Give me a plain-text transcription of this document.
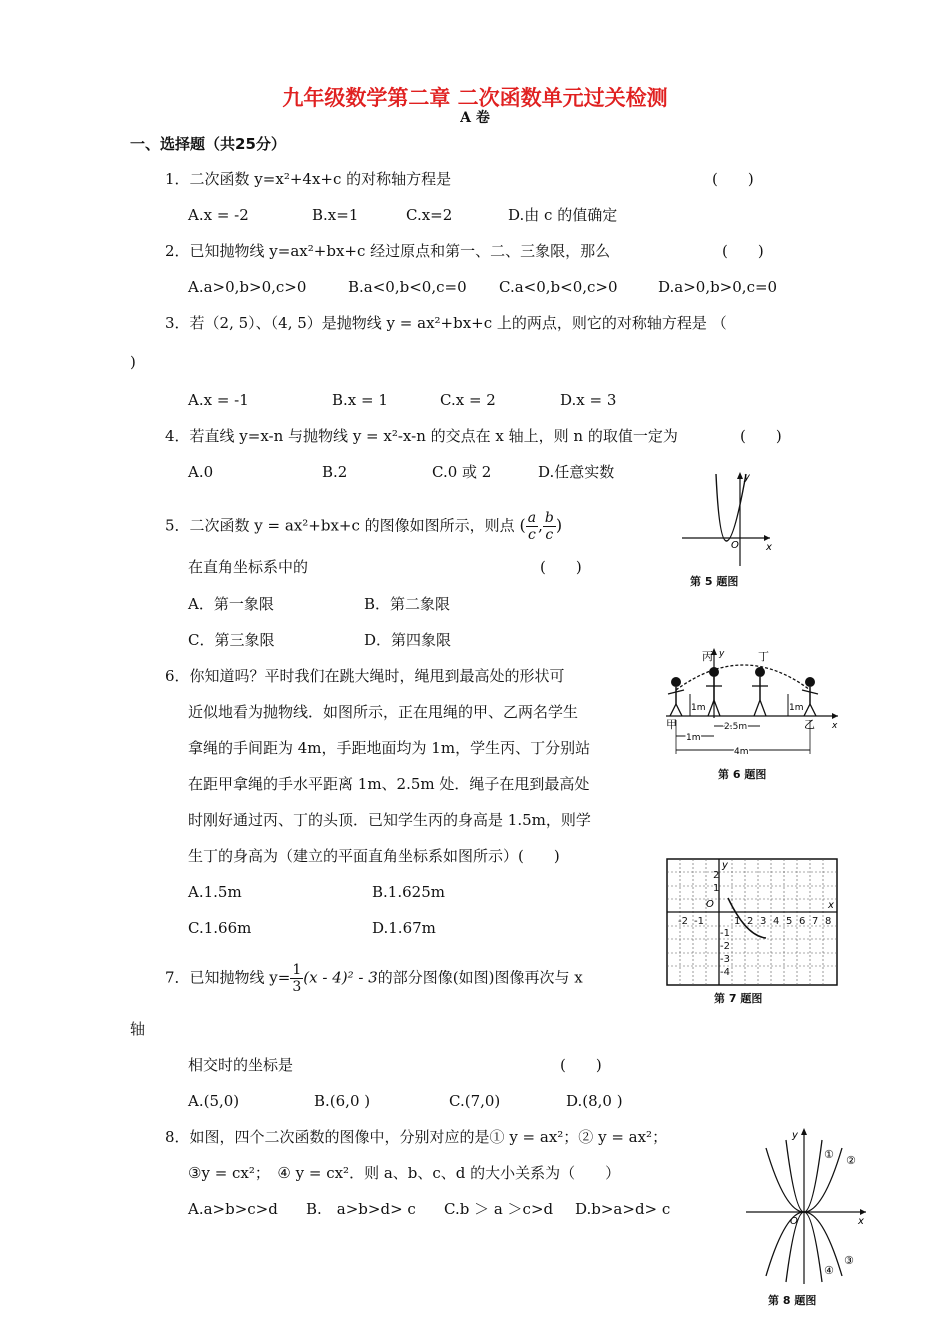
九年级数学第二章 二次函数单元过关检测
A 卷
一、选择题（共25分）
1．二次函数 y=x²+4x+c 的对称轴方程是	(　　)
A.x = -2	B.x=1	C.x=2	D.由 c 的值确定
2．已知抛物线 y=ax²+bx+c 经过原点和第一、二、三象限，那么	(　　)
A.a>0,b>0,c>0	B.a<0,b<0,c=0 C.a<0,b<0,c>0	D.a>0,b>0,c=0
3．若（2, 5）、（4, 5）是抛物线 y = ax²+bx+c 上的两点，则它的对称轴方程是 （
)
A.x = -1	B.x = 1	C.x = 2	D.x = 3
4．若直线 y=x-n 与抛物线 y = x²-x-n 的交点在 x 轴上，则 n 的取值一定为	(　　)
A.0	B.2	C.0 或 2	D.任意实数
5．二次函数 y = ax²+bx+c 的图像如图所示，则点 ( $\frac{a}{c}$ , $\frac{b}{c}$ )
在直角坐标系中的	(　　)
A．第一象限	B．第二象限
C．第三象限	D．第四象限
x
y
O
第 5 题图
6．你知道吗？平时我们在跳大绳时，绳甩到最高处的形状可
近似地看为抛物线．如图所示，正在甩绳的甲、乙两名学生
拿绳的手间距为 4m，手距地面均为 1m，学生丙、丁分别站
在距甲拿绳的手水平距离 1m、2.5m 处．绳子在甩到最高处
时刚好通过丙、丁的头顶．已知学生丙的身高是 1.5m，则学
生丁的身高为（建立的平面直角坐标系如图所示）(　　)
A.1.5m	B.1.625m
C.1.66m	D.1.67m
y
x
甲
丙	丁
乙
1m	1m
2.5m
1m
4m
第 6 题图
7．已知抛物线 $y= \frac{1}{3} (x - 4)^2 - 3$的部分图像(如图)图像再次与 x
轴
相交时的坐标是	(　　)
A.(5,0)	B.(6,0 )	C.(7,0)	D.(8,0 )
-2 -1	1 2 3 4 5 6 7 8
2
1
-1
-2
-3
-4
O	x
y
第 7 题图
8．如图，四个二次函数的图像中，分别对应的是① y = ax²；② y = ax²；
③y = cx²；　④ y = cx²．则 a、b、c、d 的大小关系为（　　）
A.a>b>c>d B.　a>b>d> c C.b ＞ a ＞c>d D.b>a>d> c
y
x
O
① ②
③
④
第 8 题图
